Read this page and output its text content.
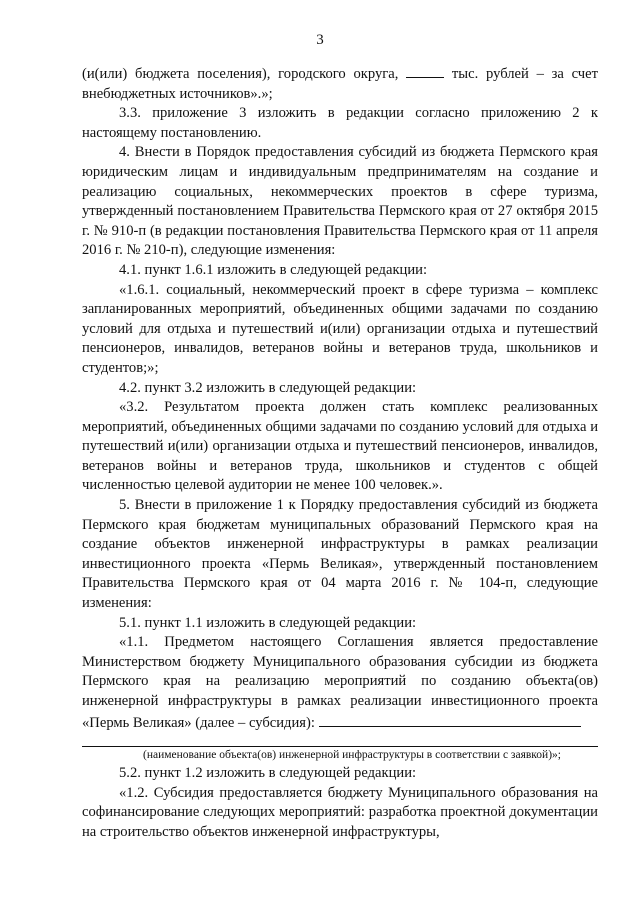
3

(и(или) бюджета поселения), городского округа,	тыс. рублей – за счет внебюджетных источников».»;

3.3. приложение 3 изложить в редакции согласно приложению 2 к настоящему постановлению.

4. Внести в Порядок предоставления субсидий из бюджета Пермского края юридическим лицам и индивидуальным предпринимателям на создание и реализацию социальных, некоммерческих проектов в сфере туризма, утвержденный постановлением Правительства Пермского края от 27 октября 2015 г. № 910-п (в редакции постановления Правительства Пермского края от 11 апреля 2016 г. № 210-п), следующие изменения:

4.1. пункт 1.6.1 изложить в следующей редакции:

«1.6.1. социальный, некоммерческий проект в сфере туризма – комплекс запланированных мероприятий, объединенных общими задачами по созданию условий для отдыха и путешествий и(или) организации отдыха и путешествий пенсионеров, инвалидов, ветеранов войны и ветеранов труда, школьников и студентов;»;

4.2. пункт 3.2 изложить в следующей редакции:

«3.2. Результатом проекта должен стать комплекс реализованных мероприятий, объединенных общими задачами по созданию условий для отдыха и путешествий и(или) организации отдыха и путешествий пенсионеров, инвалидов, ветеранов войны и ветеранов труда, школьников и студентов с общей численностью целевой аудитории не менее 100 человек.».

5. Внести в приложение 1 к Порядку предоставления субсидий из бюджета Пермского края бюджетам муниципальных образований Пермского края на создание объектов инженерной инфраструктуры в рамках реализации инвестиционного проекта «Пермь Великая», утвержденный постановлением Правительства Пермского края от 04 марта 2016 г. № 104-п, следующие изменения:

5.1. пункт 1.1 изложить в следующей редакции:

«1.1. Предметом настоящего Соглашения является предоставление Министерством бюджету Муниципального образования субсидии из бюджета Пермского края на реализацию мероприятий по созданию объекта(ов) инженерной инфраструктуры в рамках реализации инвестиционного проекта «Пермь Великая» (далее – субсидия):

(наименование объекта(ов) инженерной инфраструктуры в соответствии с заявкой)»;

5.2. пункт 1.2 изложить в следующей редакции:

«1.2. Субсидия предоставляется бюджету Муниципального образования на софинансирование следующих мероприятий: разработка проектной документации на строительство объектов инженерной инфраструктуры,
